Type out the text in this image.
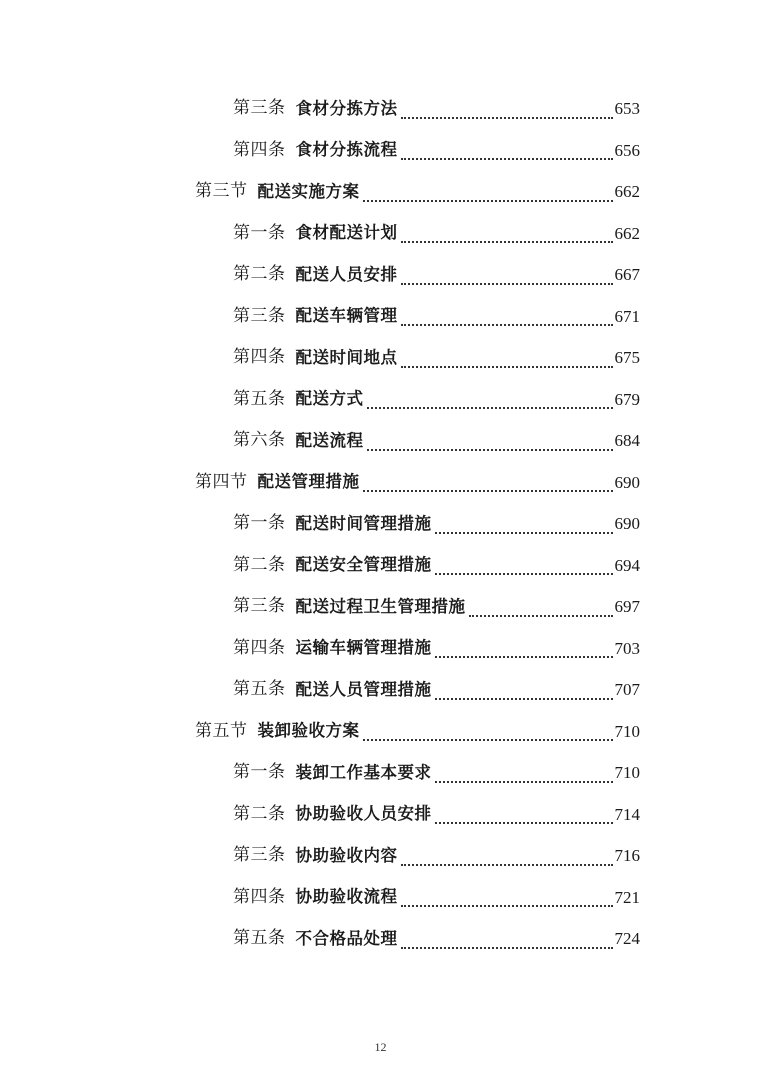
第三条 食材分拣方法	653
第四条 食材分拣流程	656
第三节 配送实施方案	662
第一条 食材配送计划	662
第二条 配送人员安排	667
第三条 配送车辆管理	671
第四条 配送时间地点	675
第五条 配送方式	679
第六条 配送流程	684
第四节 配送管理措施	690
第一条 配送时间管理措施	690
第二条 配送安全管理措施	694
第三条 配送过程卫生管理措施	697
第四条 运输车辆管理措施	703
第五条 配送人员管理措施	707
第五节 装卸验收方案	710
第一条 装卸工作基本要求	710
第二条 协助验收人员安排	714
第三条 协助验收内容	716
第四条 协助验收流程	721
第五条 不合格品处理	724
12
